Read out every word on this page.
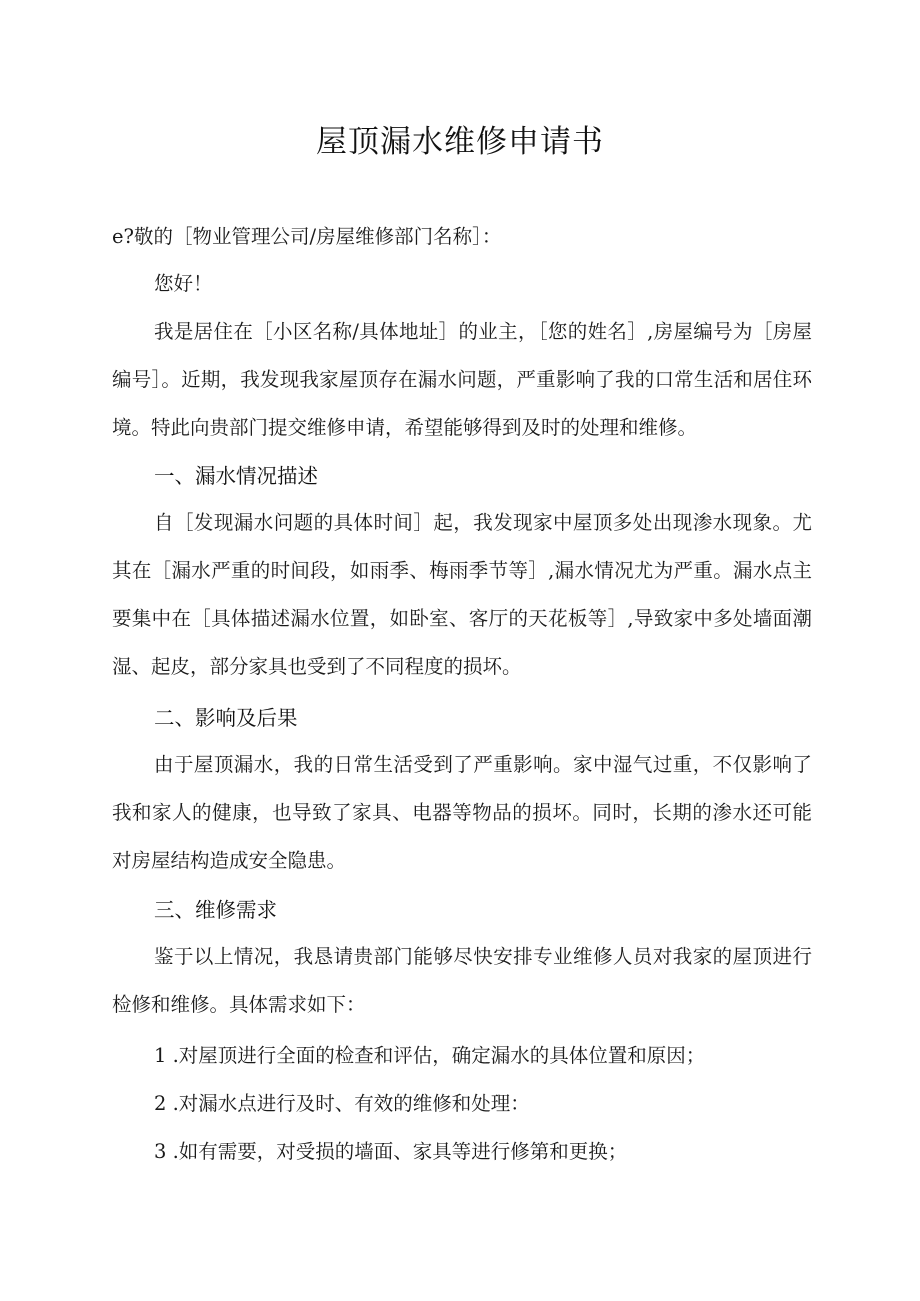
屋顶漏水维修申请书

e?敬的［物业管理公司/房屋维修部门名称］：

您好！

我是居住在［小区名称/具体地址］的业主，［您的姓名］,房屋编号为［房屋编号］。近期，我发现我家屋顶存在漏水问题，严重影响了我的口常生活和居住环境。特此向贵部门提交维修申请，希望能够得到及时的处理和维修。

一、漏水情况描述

自［发现漏水问题的具体时间］起，我发现家中屋顶多处出现渗水现象。尤其在［漏水严重的时间段，如雨季、梅雨季节等］,漏水情况尤为严重。漏水点主要集中在［具体描述漏水位置，如卧室、客厅的天花板等］,导致家中多处墙面潮湿、起皮，部分家具也受到了不同程度的损坏。

二、影响及后果

由于屋顶漏水，我的日常生活受到了严重影响。家中湿气过重，不仅影响了我和家人的健康，也导致了家具、电器等物品的损坏。同时，长期的渗水还可能对房屋结构造成安全隐患。

三、维修需求

鉴于以上情况，我恳请贵部门能够尽快安排专业维修人员对我家的屋顶进行检修和维修。具体需求如下：

1 .对屋顶进行全面的检查和评估，确定漏水的具体位置和原因；

2 .对漏水点进行及时、有效的维修和处理：

3 .如有需要，对受损的墙面、家具等进行修第和更换；
